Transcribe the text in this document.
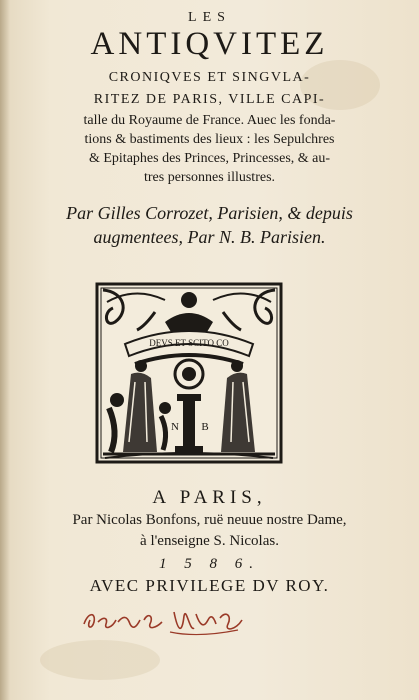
LES
ANTIQVITEZ
CRONIQVES ET SINGVLA-
RITEZ DE PARIS, VILLE CAPI-
talle du Royaume de France. Auec les fonda-
tions & bastiments des lieux : les Sepulchres
& Epitaphes des Princes, Princesses, & au-
tres personnes illustres.
Par Gilles Corrozet, Parisien, & depuis
augmentees, Par N. B. Parisien.
DEVS ET SCITO CO
N B
A PARIS,
Par Nicolas Bonfons, ruë neuue nostre Dame,
à l'enseigne S. Nicolas.
1 5 8 6.
AVEC PRIVILEGE DV ROY.
